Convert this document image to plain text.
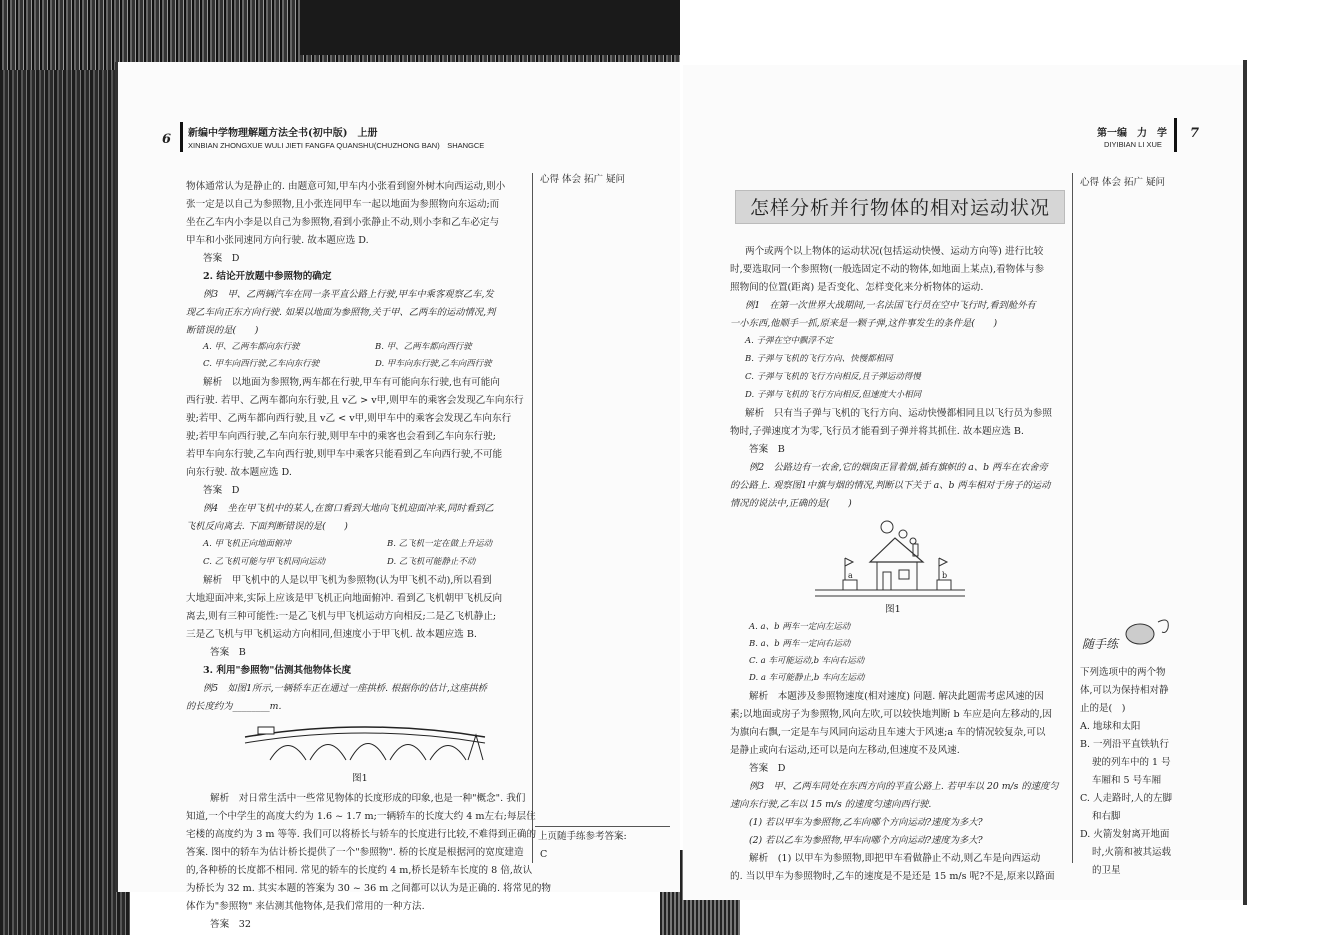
6 新编中学物理解题方法全书(初中版)　上册
XINBIAN ZHONGXUE WULI JIETI FANGFA QUANSHU(CHUZHONG BAN)　SHANGCE
第一编　力　学
DIYIBIAN LI XUE
7
心得 体会 拓广 疑问	心得 体会 拓广 疑问
物体通常认为是静止的. 由题意可知,甲车内小张看到窗外树木向西运动,则小
张一定是以自己为参照物,且小张连同甲车一起以地面为参照物向东运动;而
坐在乙车内小李是以自己为参照物,看到小张静止不动,则小李和乙车必定与
甲车和小张同速同方向行驶. 故本题应选 D.
答案　D
2. 结论开放题中参照物的确定
例3　甲、乙两辆汽车在同一条平直公路上行驶,甲车中乘客观察乙车,发
现乙车向正东方向行驶. 如果以地面为参照物,关于甲、乙两车的运动情况,判
断错误的是(　　)
A. 甲、乙两车都向东行驶	B. 甲、乙两车都向西行驶
C. 甲车向西行驶,乙车向东行驶	D. 甲车向东行驶,乙车向西行驶
解析　以地面为参照物,两车都在行驶,甲车有可能向东行驶,也有可能向
西行驶. 若甲、乙两车都向东行驶,且 v乙 > v甲,则甲车的乘客会发现乙车向东行
驶;若甲、乙两车都向西行驶,且 v乙 < v甲,则甲车中的乘客会发现乙车向东行
驶;若甲车向西行驶,乙车向东行驶,则甲车中的乘客也会看到乙车向东行驶;
若甲车向东行驶,乙车向西行驶,则甲车中乘客只能看到乙车向西行驶,不可能
向东行驶. 故本题应选 D.
答案　D
例4　坐在甲飞机中的某人,在窗口看到大地向飞机迎面冲来,同时看到乙
飞机反向离去. 下面判断错误的是(　　)
A. 甲飞机正向地面俯冲	B. 乙飞机一定在做上升运动
C. 乙飞机可能与甲飞机同向运动	D. 乙飞机可能静止不动
解析　甲飞机中的人是以甲飞机为参照物(认为甲飞机不动),所以看到
大地迎面冲来,实际上应该是甲飞机正向地面俯冲. 看到乙飞机朝甲飞机反向
离去,则有三种可能性:一是乙飞机与甲飞机运动方向相反;二是乙飞机静止;
三是乙飞机与甲飞机运动方向相同,但速度小于甲飞机. 故本题应选 B.
答案　B
3. 利用"参照物"估测其他物体长度
例5　如图1所示,一辆轿车正在通过一座拱桥. 根据你的估计,这座拱桥
的长度约为________m.
图1
解析　对日常生活中一些常见物体的长度形成的印象,也是一种"概念". 我们
知道,一个中学生的高度大约为 1.6 ~ 1.7 m;一辆轿车的长度大约 4 m左右;每层住
宅楼的高度约为 3 m 等等. 我们可以将桥长与轿车的长度进行比较,不难得到正确的
答案. 图中的轿车为估计桥长提供了一个"参照物". 桥的长度是根据河的宽度建造
的,各种桥的长度都不相同. 常见的轿车的长度约 4 m,桥长是轿车长度的 8 倍,故认
为桥长为 32 m. 其实本题的答案为 30 ~ 36 m 之间都可以认为是正确的. 将常见的物
体作为"参照物" 来估测其他物体,是我们常用的一种方法.
答案　32
上页随手练参考答案:
C
怎样分析并行物体的相对运动状况
两个或两个以上物体的运动状况(包括运动快慢、运动方向等) 进行比较
时,要选取同一个参照物(一般选固定不动的物体,如地面上某点),看物体与参
照物间的位置(距离) 是否变化、怎样变化来分析物体的运动.
例1　在第一次世界大战期间,一名法国飞行员在空中飞行时,看到舱外有
一小东西,他顺手一抓,原来是一颗子弹,这件事发生的条件是(　　)
A. 子弹在空中飘浮不定
B. 子弹与飞机的飞行方向、快慢都相同
C. 子弹与飞机的飞行方向相反,且子弹运动得慢
D. 子弹与飞机的飞行方向相反,但速度大小相同
解析　只有当子弹与飞机的飞行方向、运动快慢都相同且以飞行员为参照
物时,子弹速度才为零,飞行员才能看到子弹并将其抓住. 故本题应选 B.
答案　B
例2　公路边有一农舍,它的烟囱正冒着烟,插有旗帜的 a、b 两车在农舍旁
的公路上. 观察图1中旗与烟的情况,判断以下关于 a、b 两车相对于房子的运动
情况的说法中,正确的是(　　)
a	b
图1
A. a、b 两车一定向左运动
B. a、b 两车一定向右运动
C. a 车可能运动,b 车向右运动
D. a 车可能静止,b 车向左运动
解析　本题涉及参照物速度(相对速度) 问题. 解决此题需考虑风速的因
素;以地面或房子为参照物,风向左吹,可以较快地判断 b 车应是向左移动的,因
为旗向右飘,一定是车与风同向运动且车速大于风速;a 车的情况较复杂,可以
是静止或向右运动,还可以是向左移动,但速度不及风速.
答案　D
例3　甲、乙两车同处在东西方向的平直公路上. 若甲车以 20 m/s 的速度匀
速向东行驶,乙车以 15 m/s 的速度匀速向西行驶.
(1) 若以甲车为参照物,乙车向哪个方向运动?速度为多大?
(2) 若以乙车为参照物,甲车向哪个方向运动?速度为多大?
解析　(1) 以甲车为参照物,即把甲车看做静止不动,则乙车是向西运动
的. 当以甲车为参照物时,乙车的速度是不是还是 15 m/s 呢?不是,原来以路面
随手练
下列选项中的两个物
体,可以为保持相对静
止的是(　)
A. 地球和太阳
B. 一列沿平直铁轨行
驶的列车中的 1 号
车厢和 5 号车厢
C. 人走路时,人的左脚
和右脚
D. 火箭发射离开地面
时,火箭和被其运载
的卫星
